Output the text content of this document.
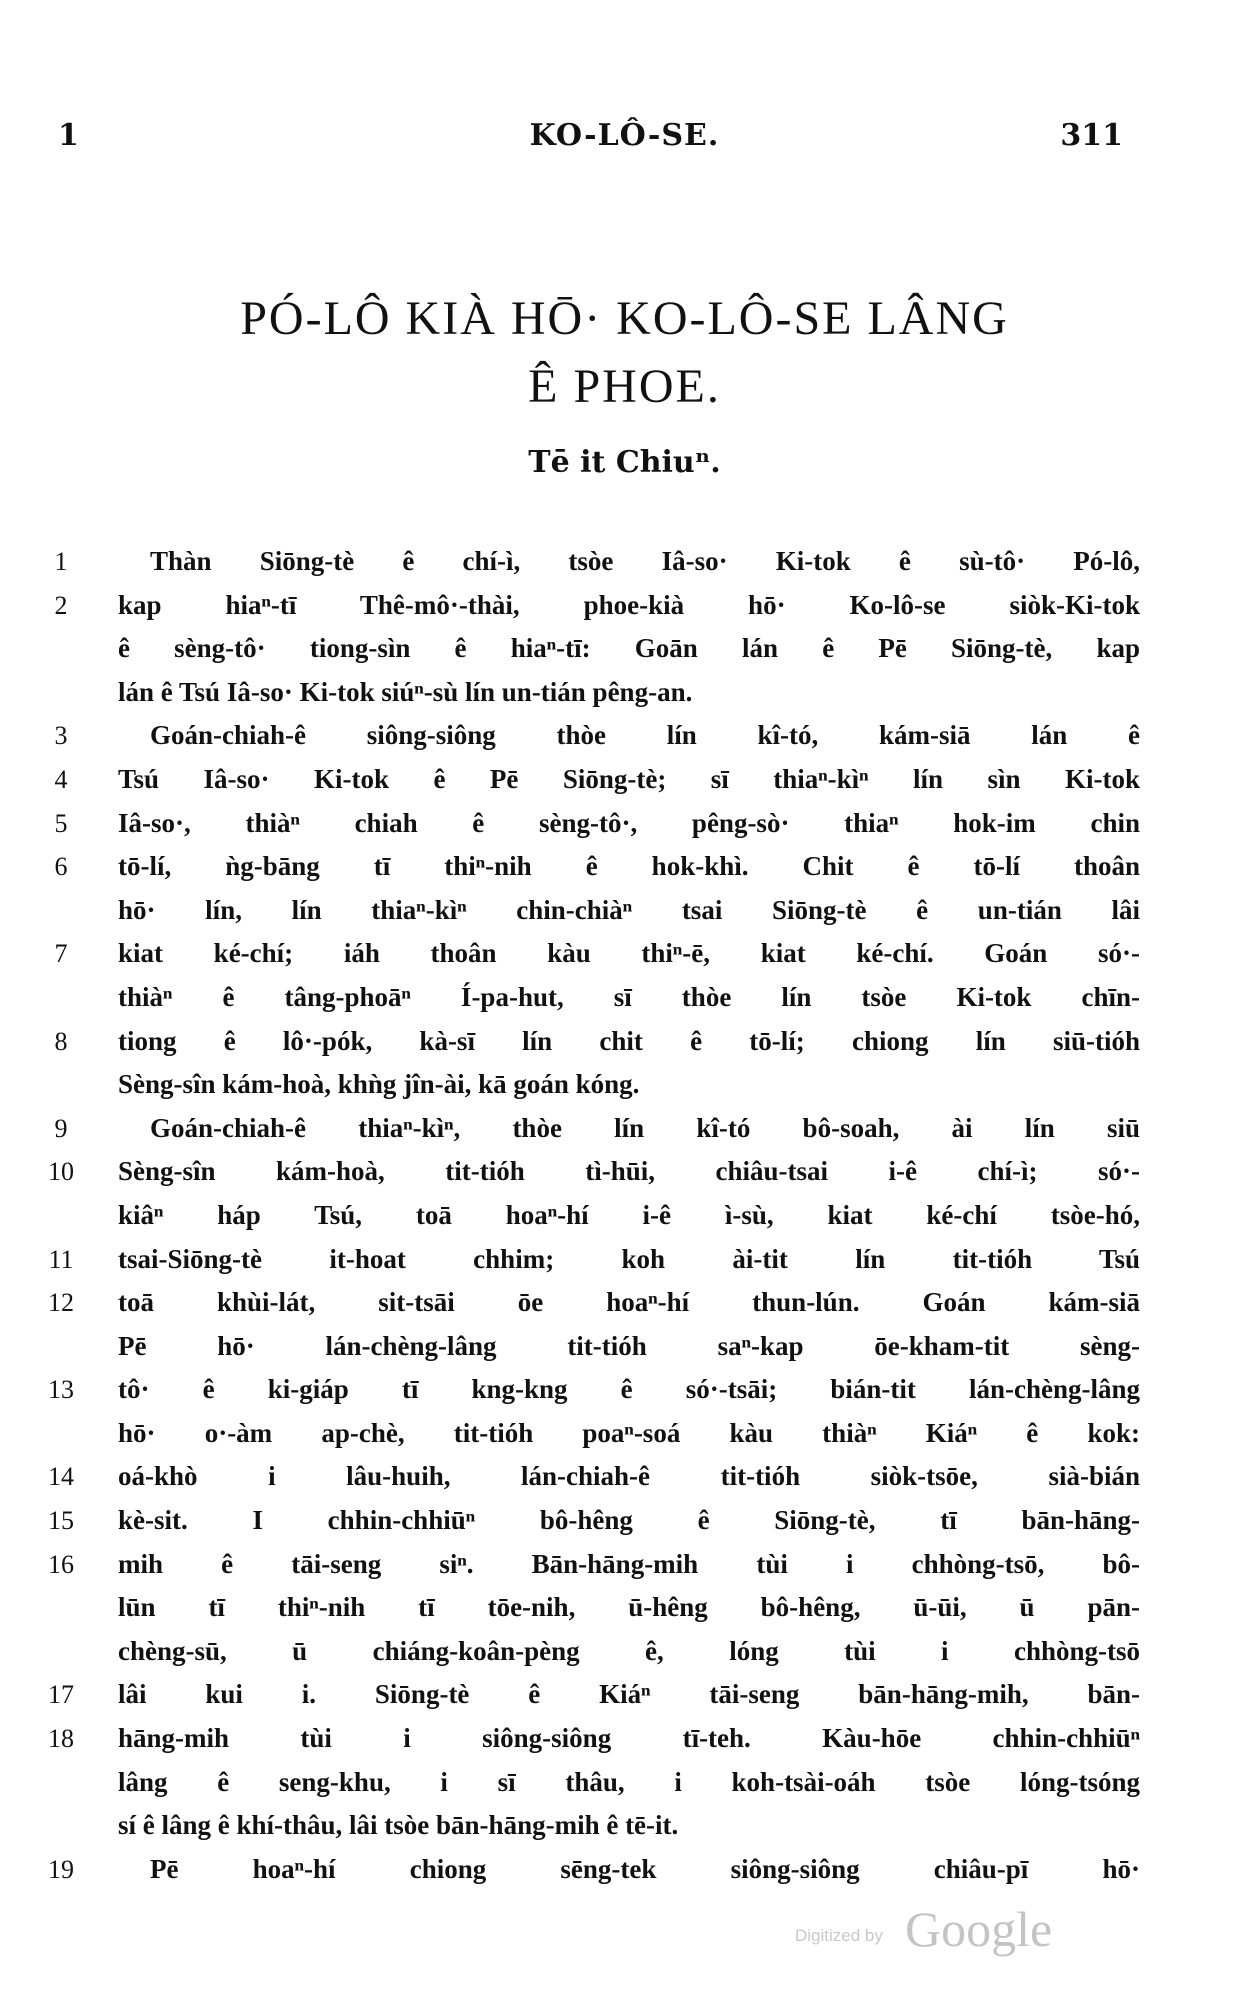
1	KO-LÔ-SE.	311
PÓ-LÔ KIÀ HŌ· KO-LÔ-SE LÂNG
Ê PHOE.
Tē it Chiuⁿ.
1	Thàn Siōng-tè ê chí-ì, tsòe Iâ-so· Ki-tok ê sù-tô· Pó-lô,
2	kap hiaⁿ-tī Thê-mô·-thài, phoe-kià hō· Ko-lô-se siòk-Ki-tok
ê sèng-tô· tiong-sìn ê hiaⁿ-tī: Goān lán ê Pē Siōng-tè, kap
lán ê Tsú Iâ-so· Ki-tok siúⁿ-sù lín un-tián pêng-an.
3	Goán-chiah-ê siông-siông thòe lín kî-tó, kám-siā lán ê
4	Tsú Iâ-so· Ki-tok ê Pē Siōng-tè; sī thiaⁿ-kìⁿ lín sìn Ki-tok
5	Iâ-so·, thiàⁿ chiah ê sèng-tô·, pêng-sò· thiaⁿ hok-im chin
6	tō-lí, ǹg-bāng tī thiⁿ-nih ê hok-khì. Chit ê tō-lí thoân
hō· lín, lín thiaⁿ-kìⁿ chin-chiàⁿ tsai Siōng-tè ê un-tián lâi
7	kiat ké-chí; iáh thoân kàu thiⁿ-ē, kiat ké-chí. Goán só·-
thiàⁿ ê tâng-phoāⁿ Í-pa-hut, sī thòe lín tsòe Ki-tok chīn-
8	tiong ê lô·-pók, kà-sī lín chit ê tō-lí; chiong lín siū-tióh
Sèng-sîn kám-hoà, khǹg jîn-ài, kā goán kóng.
9	Goán-chiah-ê thiaⁿ-kìⁿ, thòe lín kî-tó bô-soah, ài lín siū
10	Sèng-sîn kám-hoà, tit-tióh tì-hūi, chiâu-tsai i-ê chí-ì; só·-
kiâⁿ háp Tsú, toā hoaⁿ-hí i-ê ì-sù, kiat ké-chí tsòe-hó,
11	tsai-Siōng-tè it-hoat chhim; koh ài-tit lín tit-tióh Tsú
12	toā khùi-lát, sit-tsāi ōe hoaⁿ-hí thun-lún. Goán kám-siā
Pē hō· lán-chèng-lâng tit-tióh saⁿ-kap ōe-kham-tit sèng-
13	tô· ê ki-giáp tī kng-kng ê só·-tsāi; bián-tit lán-chèng-lâng
hō· o·-àm ap-chè, tit-tióh poaⁿ-soá kàu thiàⁿ Kiáⁿ ê kok:
14	oá-khò i lâu-huih, lán-chiah-ê tit-tióh siòk-tsōe, sià-bián
15	kè-sit. I chhin-chhiūⁿ bô-hêng ê Siōng-tè, tī bān-hāng-
16	mih ê tāi-seng siⁿ. Bān-hāng-mih tùi i chhòng-tsō, bô-
lūn tī thiⁿ-nih tī tōe-nih, ū-hêng bô-hêng, ū-ūi, ū pān-
chèng-sū, ū chiáng-koân-pèng ê, lóng tùi i chhòng-tsō
17	lâi kui i. Siōng-tè ê Kiáⁿ tāi-seng bān-hāng-mih, bān-
18	hāng-mih tùi i siông-siông tī-teh. Kàu-hōe chhin-chhiūⁿ
lâng ê seng-khu, i sī thâu, i koh-tsài-oáh tsòe lóng-tsóng
sí ê lâng ê khí-thâu, lâi tsòe bān-hāng-mih ê tē-it.
19	Pē hoaⁿ-hí chiong sēng-tek siông-siông chiâu-pī hō·
Digitized by Google
